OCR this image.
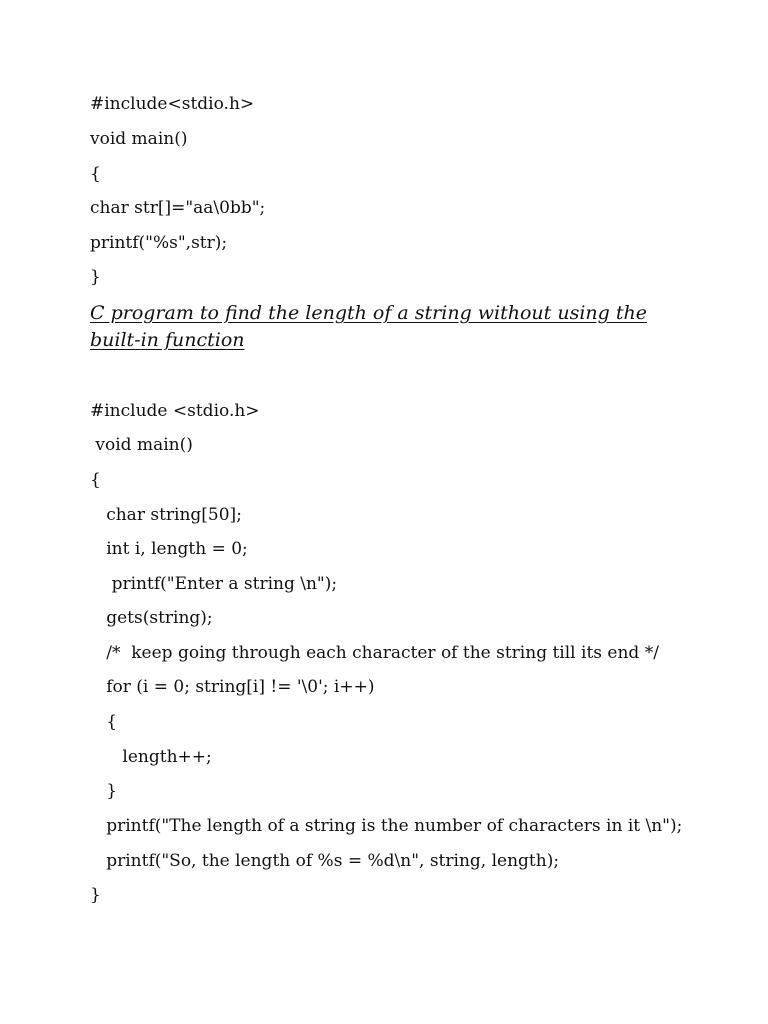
#include<stdio.h>
void main()
{
char str[]="aa\0bb";
printf("%s",str);
}
C program to find the length of a string without using the built-in function
#include <stdio.h>
void main()
{
char string[50];
int i, length = 0;
printf("Enter a string \n");
gets(string);
/*  keep going through each character of the string till its end */
for (i = 0; string[i] != '\0'; i++)
{
length++;
}
printf("The length of a string is the number of characters in it \n");
printf("So, the length of %s = %d\n", string, length);
}
